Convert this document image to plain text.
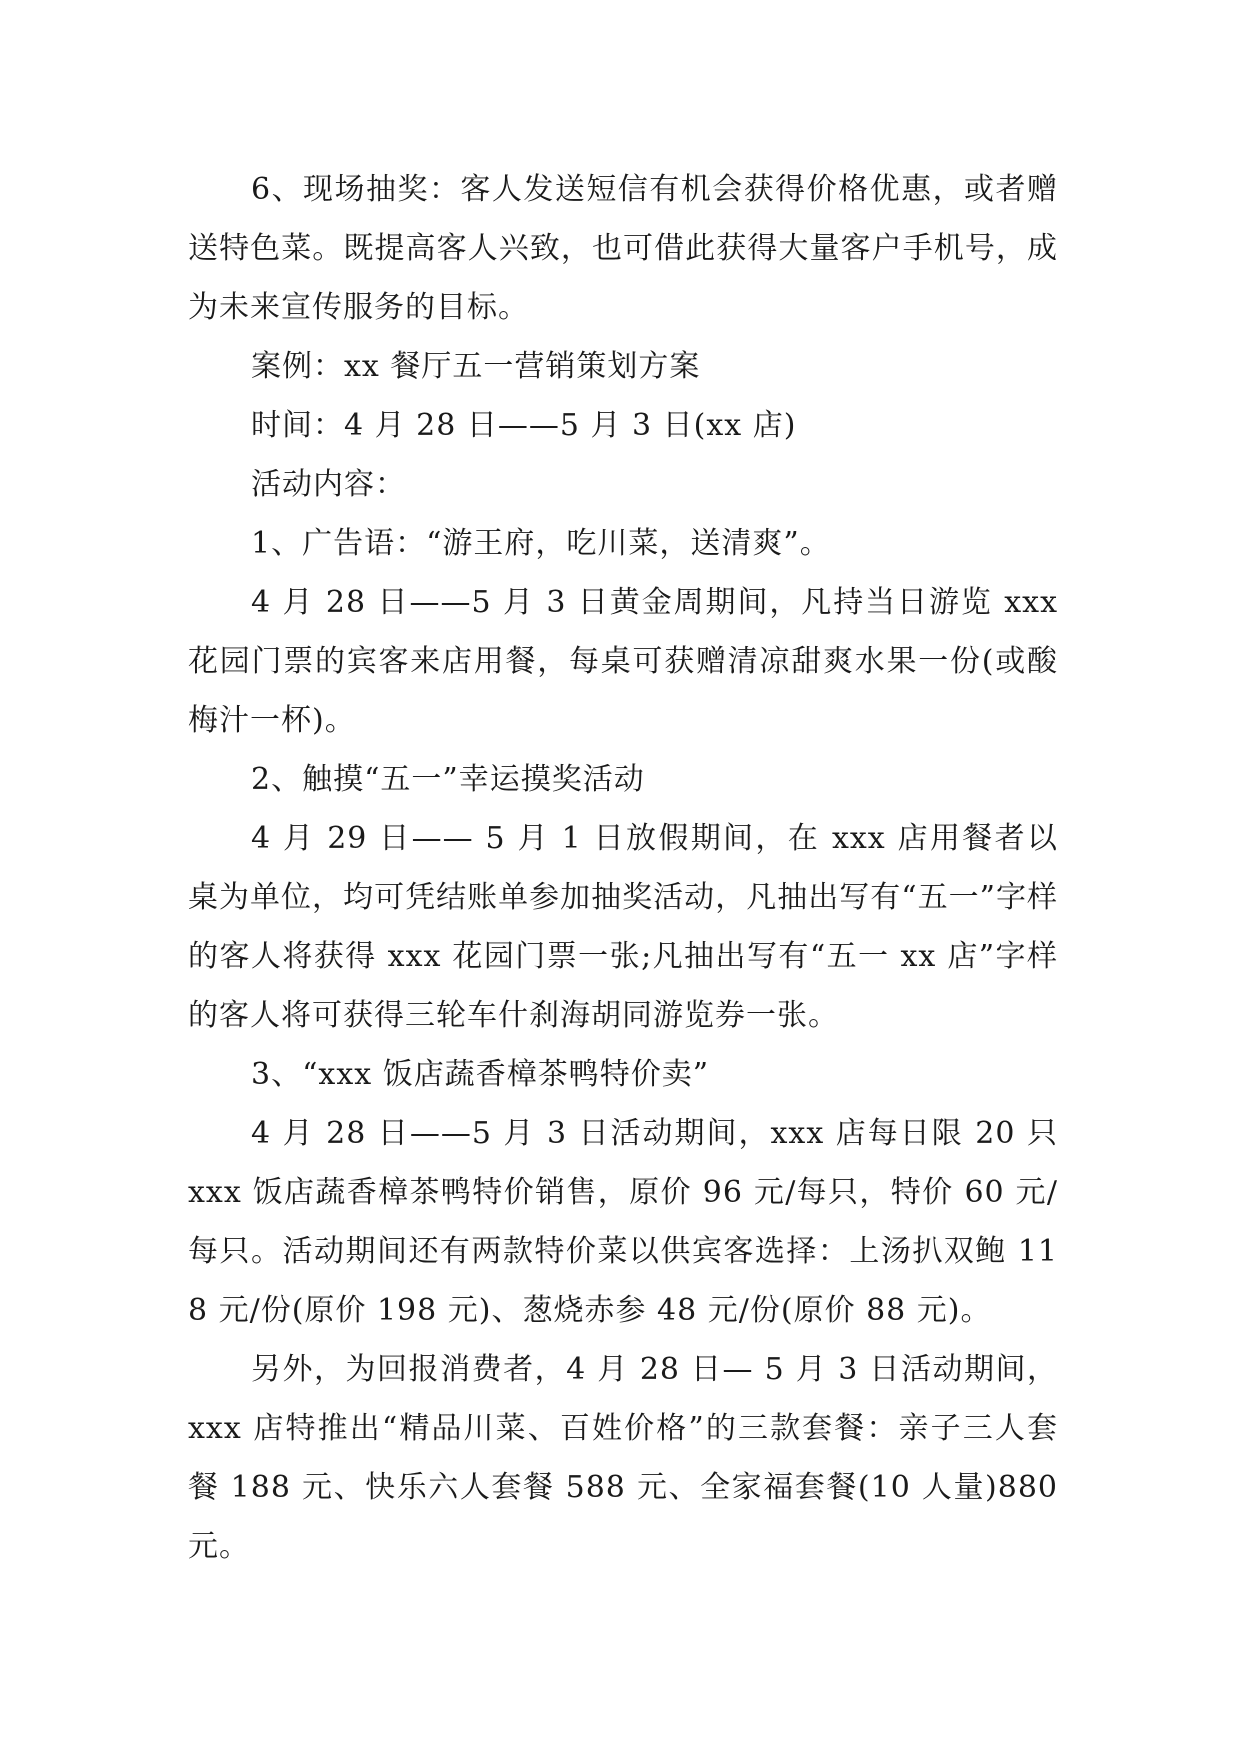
6、现场抽奖：客人发送短信有机会获得价格优惠，或者赠送特色菜。既提高客人兴致，也可借此获得大量客户手机号，成为未来宣传服务的目标。

案例：xx 餐厅五一营销策划方案

时间：4 月 28 日——5 月 3 日(xx 店)

活动内容：

1、广告语：“游王府，吃川菜，送清爽”。

4 月 28 日——5 月 3 日黄金周期间，凡持当日游览 xxx 花园门票的宾客来店用餐，每桌可获赠清凉甜爽水果一份(或酸梅汁一杯)。

2、触摸“五一”幸运摸奖活动

4 月 29 日—— 5 月 1 日放假期间，在 xxx 店用餐者以桌为单位，均可凭结账单参加抽奖活动，凡抽出写有“五一”字样的客人将获得 xxx 花园门票一张;凡抽出写有“五一 xx 店”字样的客人将可获得三轮车什刹海胡同游览券一张。

3、“xxx 饭店蔬香樟茶鸭特价卖”

4 月 28 日——5 月 3 日活动期间，xxx 店每日限 20 只 xxx 饭店蔬香樟茶鸭特价销售，原价 96 元/每只，特价 60 元/每只。活动期间还有两款特价菜以供宾客选择：上汤扒双鲍 118 元/份(原价 198 元)、葱烧赤参 48 元/份(原价 88 元)。

另外，为回报消费者，4 月 28 日— 5 月 3 日活动期间，xxx 店特推出“精品川菜、百姓价格”的三款套餐：亲子三人套餐 188 元、快乐六人套餐 588 元、全家福套餐(10 人量)880 元。
